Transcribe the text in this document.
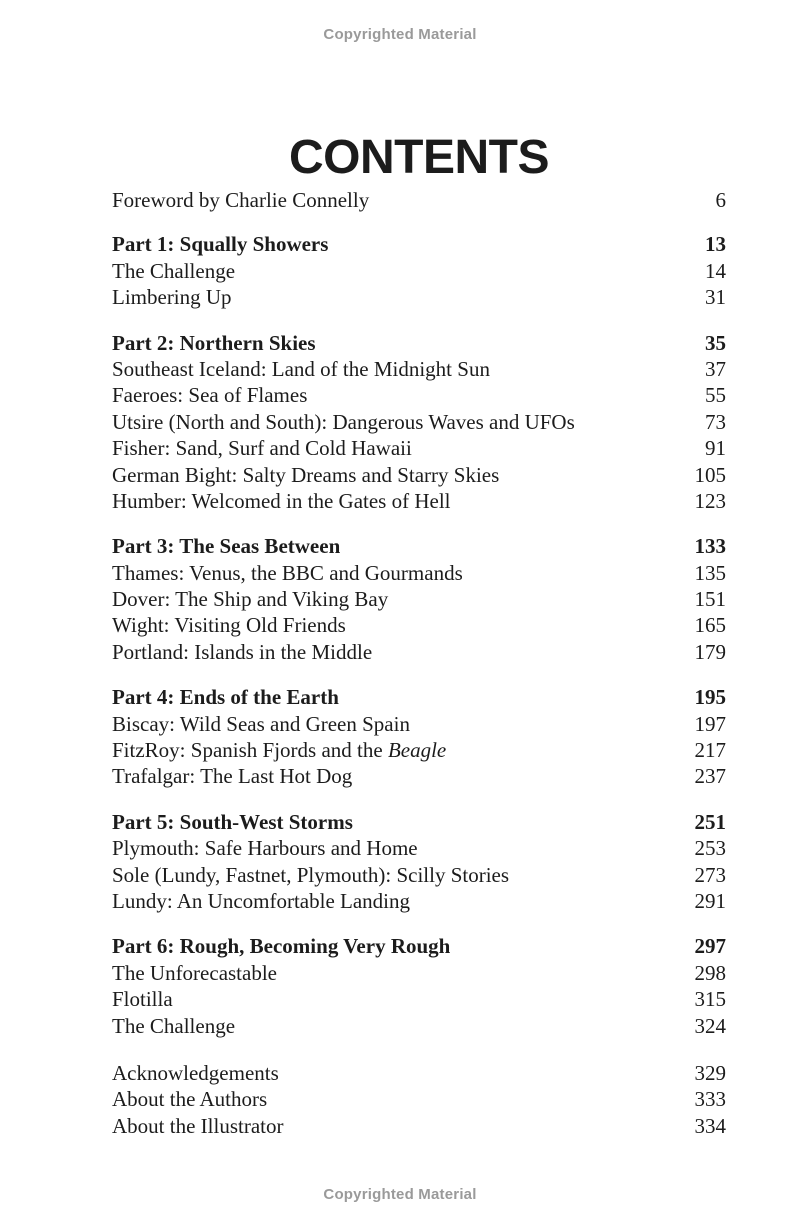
Copyrighted Material
CONTENTS
Foreword by Charlie Connelly	6
Part 1: Squally Showers	13
The Challenge	14
Limbering Up	31
Part 2: Northern Skies	35
Southeast Iceland: Land of the Midnight Sun	37
Faeroes: Sea of Flames	55
Utsire (North and South): Dangerous Waves and UFOs	73
Fisher: Sand, Surf and Cold Hawaii	91
German Bight: Salty Dreams and Starry Skies	105
Humber: Welcomed in the Gates of Hell	123
Part 3: The Seas Between	133
Thames: Venus, the BBC and Gourmands	135
Dover: The Ship and Viking Bay	151
Wight: Visiting Old Friends	165
Portland: Islands in the Middle	179
Part 4: Ends of the Earth	195
Biscay: Wild Seas and Green Spain	197
FitzRoy: Spanish Fjords and the Beagle	217
Trafalgar: The Last Hot Dog	237
Part 5: South-West Storms	251
Plymouth: Safe Harbours and Home	253
Sole (Lundy, Fastnet, Plymouth): Scilly Stories	273
Lundy: An Uncomfortable Landing	291
Part 6: Rough, Becoming Very Rough	297
The Unforecastable	298
Flotilla	315
The Challenge	324
Acknowledgements	329
About the Authors	333
About the Illustrator	334
Copyrighted Material
